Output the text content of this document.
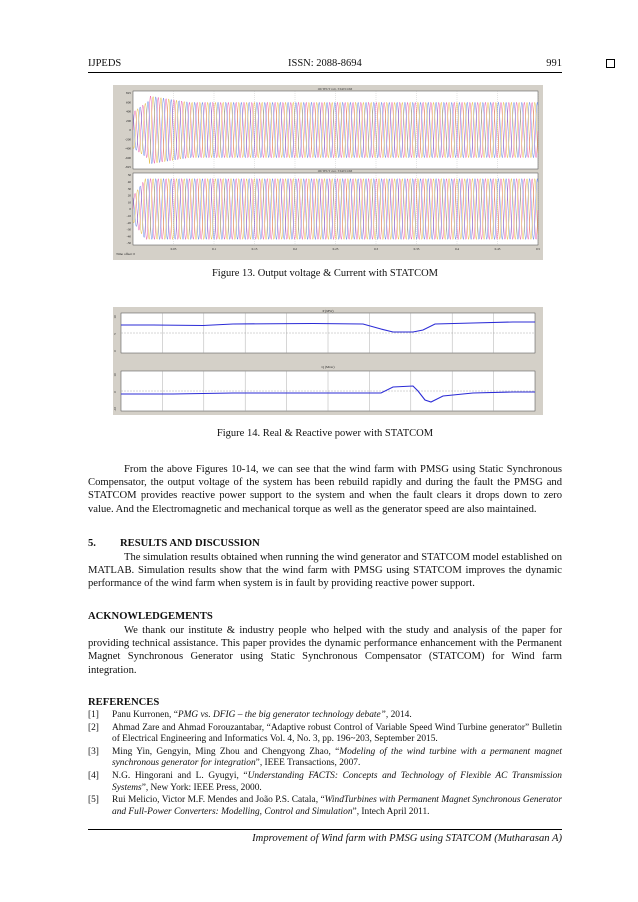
IJPEDS	ISSN: 2088-8694	991
OUTPUT volt. STATCOM
OUTPUT curr. STATCOM
825
600
400
200
0
-200
-400
-600
-825
50
40
30
20
10
0
-10
-20
-30
-40
-50
0.05	0.1	0.15	0.2	0.25	0.3	0.35	0.4	0.45	0.5
Time offset: 0
Figure 13. Output voltage & Current with STATCOM
P (MW)
Q (Mvar)
10
5
0
10
0
-10
Figure 14. Real & Reactive power with STATCOM

From the above Figures 10-14, we can see that the wind farm with PMSG using Static Synchronous Compensator, the output voltage of the system has been rebuild rapidly and during the fault the PMSG and STATCOM provides reactive power support to the system and when the fault clears it drops down to zero value. And the Electromagnetic and mechanical torque as well as the generator speed are also maintained.

5. RESULTS AND DISCUSSION

The simulation results obtained when running the wind generator and STATCOM model established on MATLAB. Simulation results show that the wind farm with PMSG using STATCOM improves the dynamic performance of the wind farm when system is in fault by providing reactive power support.

ACKNOWLEDGEMENTS

We thank our institute & industry people who helped with the study and analysis of the paper for providing technical assistance. This paper provides the dynamic performance enhancement with the Permanent Magnet Synchronous Generator using Static Synchronous Compensator (STATCOM) for Wind farm integration.

REFERENCES
[1] Panu Kurronen, “PMG vs. DFIG – the big generator technology debate”, 2014.
[2] Ahmad Zare and Ahmad Forouzantabar, “Adaptive robust Control of Variable Speed Wind Turbine generator” Bulletin of Electrical Engineering and Informatics Vol. 4, No. 3, pp. 196~203, September 2015.
[3] Ming Yin, Gengyin, Ming Zhou and Chengyong Zhao, “Modeling of the wind turbine with a permanent magnet synchronous generator for integration”, IEEE Transactions, 2007.
[4] N.G. Hingorani and L. Gyugyi, “Understanding FACTS: Concepts and Technology of Flexible AC Transmission Systems”, New York: IEEE Press, 2000.
[5] Rui Melicio, Victor M.F. Mendes and João P.S. Catala, “WindTurbines with Permanent Magnet Synchronous Generator and Full-Power Converters: Modelling, Control and Simulation”, Intech April 2011.
Improvement of Wind farm with PMSG using STATCOM (Mutharasan A)
